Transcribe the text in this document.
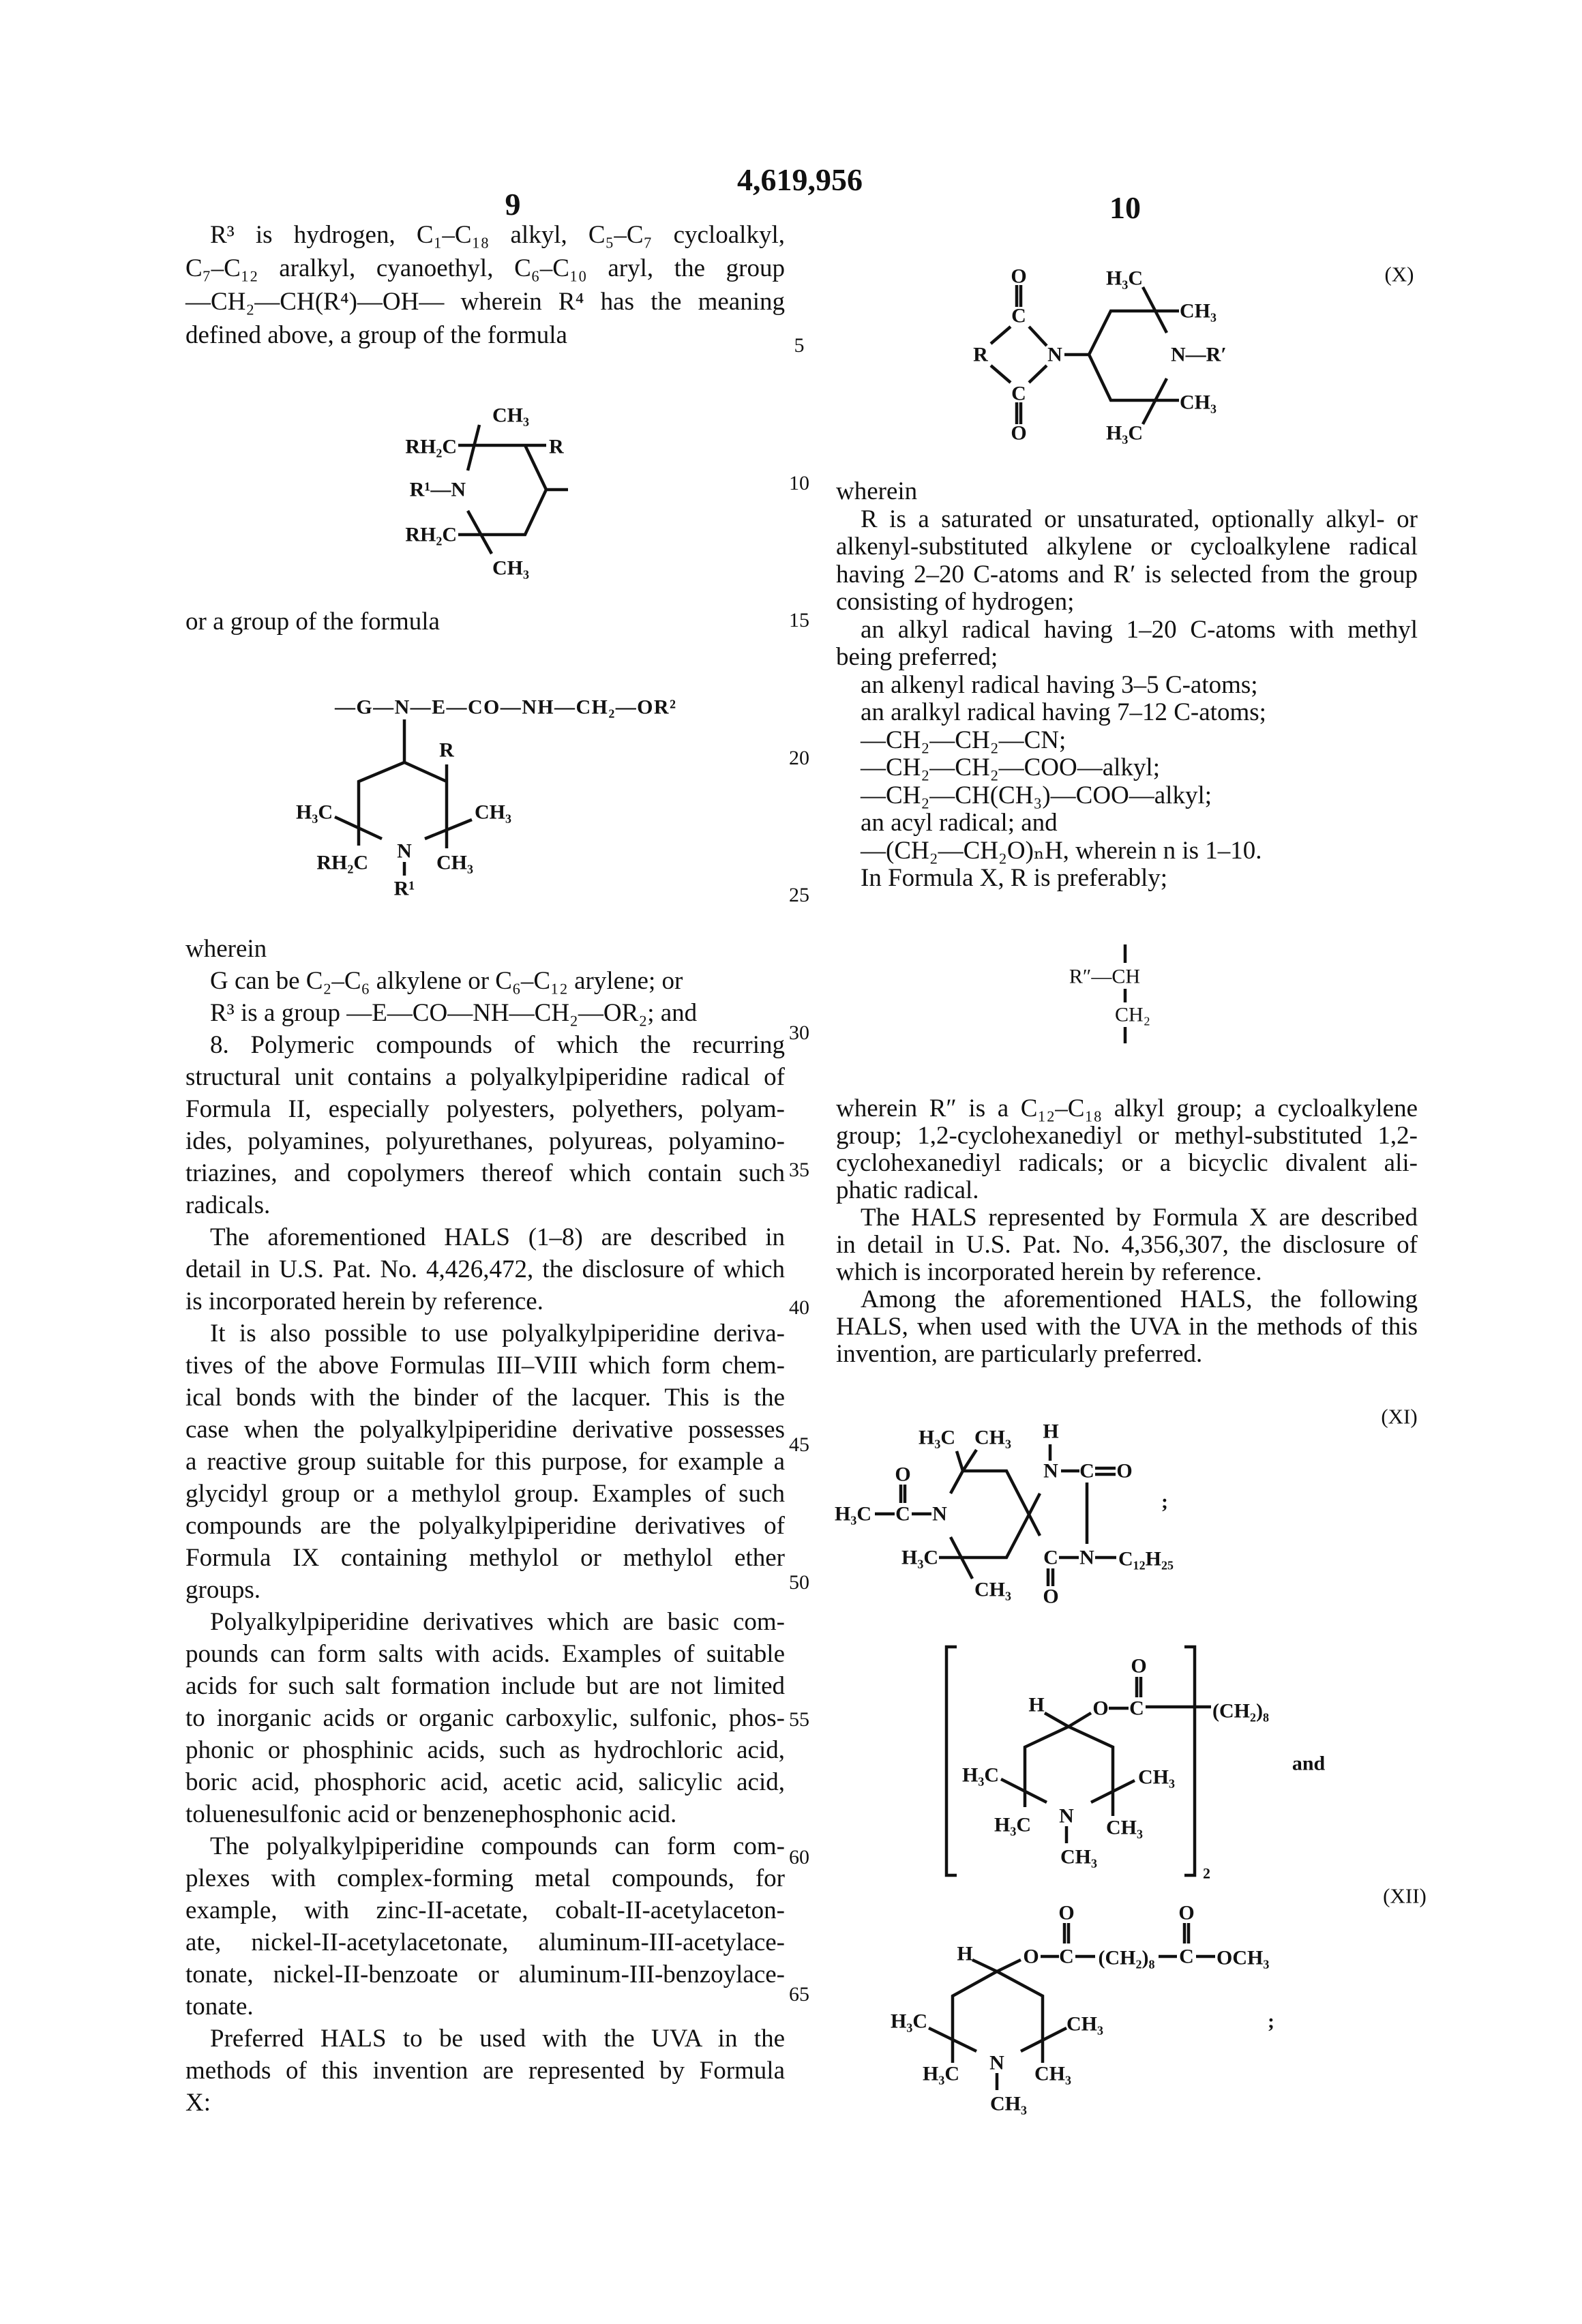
4,619,956
9	10
5
10
15
20
25
30
35
40
45
50
55
60
65
R³ is hydrogen, C₁–C₁₈ alkyl, C₅–C₇ cycloalkyl,
C₇–C₁₂ aralkyl, cyanoethyl, C₆–C₁₀ aryl, the group
—CH₂—CH(R⁴)—OH— wherein R⁴ has the meaning
defined above, a group of the formula
or a group of the formula
wherein
G can be C₂–C₆ alkylene or C₆–C₁₂ arylene; or
R³ is a group —E—CO—NH—CH₂—OR₂; and
8. Polymeric compounds of which the recurring
structural unit contains a polyalkylpiperidine radical of
Formula II, especially polyesters, polyethers, polyam-
ides, polyamines, polyurethanes, polyureas, polyamino-
triazines, and copolymers thereof which contain such
radicals.
The aforementioned HALS (1–8) are described in
detail in U.S. Pat. No. 4,426,472, the disclosure of which
is incorporated herein by reference.
It is also possible to use polyalkylpiperidine deriva-
tives of the above Formulas III–VIII which form chem-
ical bonds with the binder of the lacquer. This is the
case when the polyalkylpiperidine derivative possesses
a reactive group suitable for this purpose, for example a
glycidyl group or a methylol group. Examples of such
compounds are the polyalkylpiperidine derivatives of
Formula IX containing methylol or methylol ether
groups.
Polyalkylpiperidine derivatives which are basic com-
pounds can form salts with acids. Examples of suitable
acids for such salt formation include but are not limited
to inorganic acids or organic carboxylic, sulfonic, phos-
phonic or phosphinic acids, such as hydrochloric acid,
boric acid, phosphoric acid, acetic acid, salicylic acid,
toluenesulfonic acid or benzenephosphonic acid.
The polyalkylpiperidine compounds can form com-
plexes with complex-forming metal compounds, for
example, with zinc-II-acetate, cobalt-II-acetylaceton-
ate, nickel-II-acetylacetonate, aluminum-III-acetylace-
tonate, nickel-II-benzoate or aluminum-III-benzoylace-
tonate.
Preferred HALS to be used with the UVA in the
methods of this invention are represented by Formula
X:
wherein
R is a saturated or unsaturated, optionally alkyl- or
alkenyl-substituted alkylene or cycloalkylene radical
having 2–20 C-atoms and R′ is selected from the group
consisting of hydrogen;
an alkyl radical having 1–20 C-atoms with methyl
being preferred;
an alkenyl radical having 3–5 C-atoms;
an aralkyl radical having 7–12 C-atoms;
—CH₂—CH₂—CN;
—CH₂—CH₂—COO—alkyl;
—CH₂—CH(CH₃)—COO—alkyl;
an acyl radical; and
—(CH₂—CH₂O)ₙH, wherein n is 1–10.
In Formula X, R is preferably;
wherein R″ is a C₁₂–C₁₈ alkyl group; a cycloalkylene
group; 1,2-cyclohexanediyl or methyl-substituted 1,2-
cyclohexanediyl radicals; or a bicyclic divalent ali-
phatic radical.
The HALS represented by Formula X are described
in detail in U.S. Pat. No. 4,356,307, the disclosure of
which is incorporated herein by reference.
Among the aforementioned HALS, the following
HALS, when used with the UVA in the methods of this
invention, are particularly preferred.
CH₃
RH₂C	R
R¹—N
RH₂C
CH₃
—G—N—E—CO—NH—CH₂—OR²
R
H₃C	CH₃
RH₂C
N
R¹
CH₃
O
C
R	N
C
O
H₃C
CH₃
N—R′
CH₃
H₃C
(X)
R″—CH
CH₂
H₃C CH₃ H
N C O
O
H₃C C N
H₃C	C N C₁₂H₂₅
CH₃ O
;
(XI)
O
H O C	(CH₂)₈
H₃C	CH₃
H₃C N
CH₃
CH₃
2
and
O	O
H O C (CH₂)₈ C OCH₃
H₃C	CH₃
H₃C N
CH₃
CH₃
;
(XII)
